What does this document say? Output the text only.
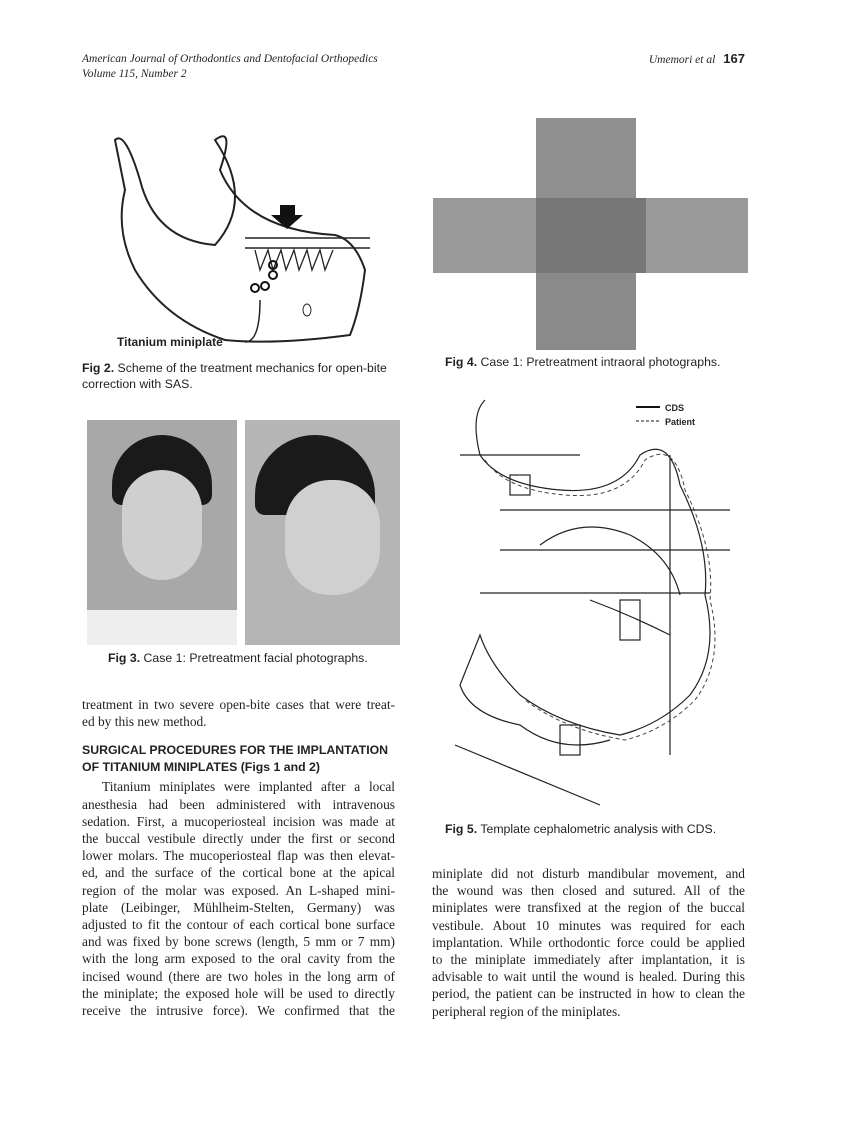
American Journal of Orthodontics and Dentofacial Orthopedics
Volume 115, Number 2
Umemori et al 167
Titanium miniplate
Fig 2. Scheme of the treatment mechanics for open-bite correction with SAS.
Fig 4. Case 1: Pretreatment intraoral photographs.
Fig 3. Case 1: Pretreatment facial photographs.
CDS
Patient
Fig 5. Template cephalometric analysis with CDS.
treatment in two severe open-bite cases that were treat-
ed by this new method.
SURGICAL PROCEDURES FOR THE IMPLANTATION
OF TITANIUM MINIPLATES (Figs 1 and 2)
Titanium miniplates were implanted after a local
anesthesia had been administered with intravenous
sedation. First, a mucoperiosteal incision was made at
the buccal vestibule directly under the first or second
lower molars. The mucoperiosteal flap was then elevat-
ed, and the surface of the cortical bone at the apical
region of the molar was exposed. An L-shaped mini-
plate (Leibinger, Mühlheim-Stelten, Germany) was
adjusted to fit the contour of each cortical bone surface
and was fixed by bone screws (length, 5 mm or 7 mm)
with the long arm exposed to the oral cavity from the
incised wound (there are two holes in the long arm of
the miniplate; the exposed hole will be used to directly
receive the intrusive force). We confirmed that the
miniplate did not disturb mandibular movement, and
the wound was then closed and sutured. All of the
miniplates were transfixed at the region of the buccal
vestibule. About 10 minutes was required for each
implantation. While orthodontic force could be applied
to the miniplate immediately after implantation, it is
advisable to wait until the wound is healed. During this
period, the patient can be instructed in how to clean the
peripheral region of the miniplates.
